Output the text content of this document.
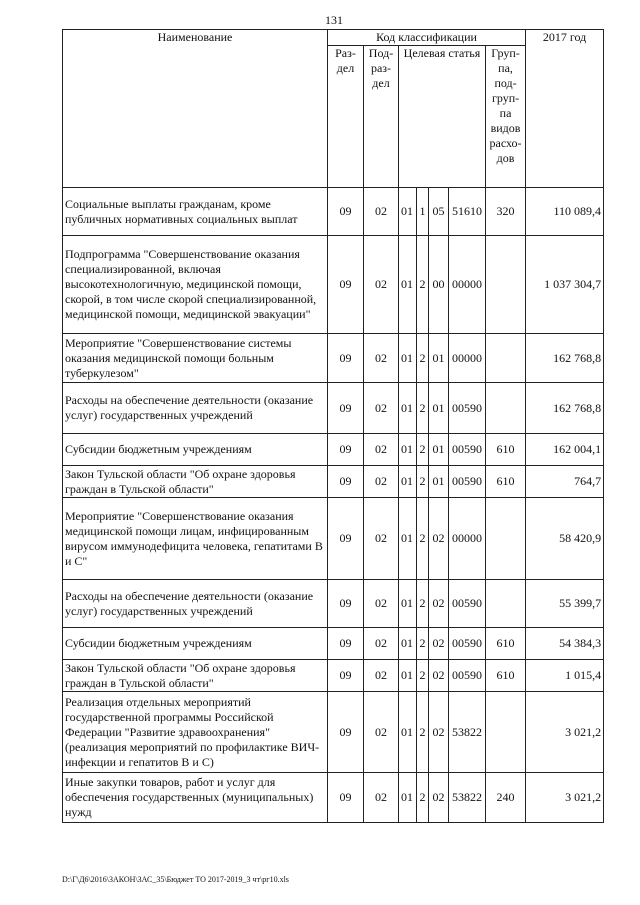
131
Наименование	Код классификации							2017 год
	Раз- дел	Под- раз- дел	Целевая статья				Груп- па, под- груп- па видов расхо- дов	
Социальные выплаты гражданам, кроме публичных нормативных социальных выплат	09	02	01	1	05	51610	320	110 089,4
Подпрограмма "Совершенствование оказания специализированной, включая высокотехнологичную, медицинской помощи, скорой, в том числе скорой специализированной, медицинской помощи, медицинской эвакуации"	09	02	01	2	00	00000		1 037 304,7
Мероприятие "Совершенствование системы оказания медицинской помощи больным туберкулезом"	09	02	01	2	01	00000		162 768,8
Расходы на обеспечение деятельности (оказание услуг) государственных учреждений	09	02	01	2	01	00590		162 768,8
Субсидии бюджетным учреждениям	09	02	01	2	01	00590	610	162 004,1
Закон Тульской области "Об охране здоровья граждан в Тульской области"	09	02	01	2	01	00590	610	764,7
Мероприятие "Совершенствование оказания медицинской помощи лицам, инфицированным вирусом иммунодефицита человека, гепатитами В и С"	09	02	01	2	02	00000		58 420,9
Расходы на обеспечение деятельности (оказание услуг) государственных учреждений	09	02	01	2	02	00590		55 399,7
Субсидии бюджетным учреждениям	09	02	01	2	02	00590	610	54 384,3
Закон Тульской области "Об охране здоровья граждан в Тульской области"	09	02	01	2	02	00590	610	1 015,4
Реализация отдельных мероприятий государственной программы Российской Федерации "Развитие здравоохранения" (реализация мероприятий по профилактике ВИЧ-инфекции и гепатитов В и С)	09	02	01	2	02	53822		3 021,2
Иные закупки товаров, работ и услуг для обеспечения государственных (муниципальных) нужд	09	02	01	2	02	53822	240	3 021,2
D:\Г\Д6\2016\ЗАКОН\ЗАС_35\Бюджет ТО 2017-2019_3 чт\рг10.xls
